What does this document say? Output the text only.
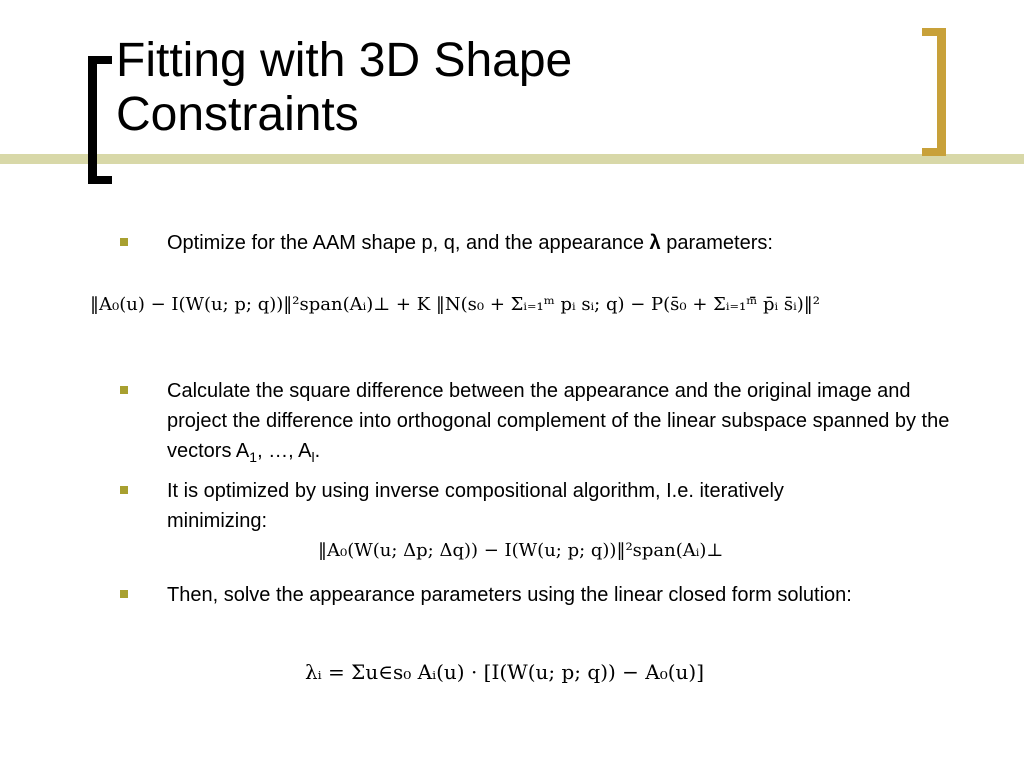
Fitting with 3D Shape
Constraints
Optimize for the AAM shape p, q, and the appearance λ parameters:
‖A₀(u) − I(W(u; p; q))‖²span(Aᵢ)⊥ + K ‖N(s₀ + Σᵢ₌₁ᵐ pᵢ sᵢ; q) − P(s̄₀ + Σᵢ₌₁ᵐ̄ p̄ᵢ s̄ᵢ)‖²
Calculate the square difference between the appearance and the original image and project the difference into orthogonal complement of the linear subspace spanned by the vectors $A_1$, …, $A_l$.
It is optimized by using inverse compositional algorithm, I.e. iteratively minimizing:
‖A₀(W(u; Δp; Δq)) − I(W(u; p; q))‖²span(Aᵢ)⊥
Then, solve the appearance parameters using the linear closed form solution:
λᵢ = Σu∈s₀ Aᵢ(u) · [I(W(u; p; q)) − A₀(u)]
